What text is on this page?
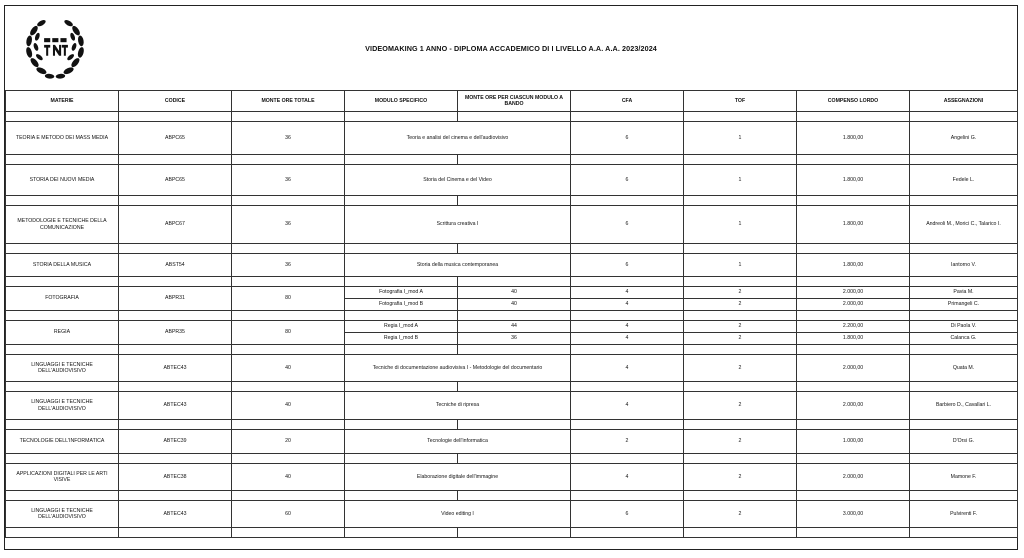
VIDEOMAKING 1 ANNO - DIPLOMA ACCADEMICO DI I LIVELLO A.A. A.A. 2023/2024
MATERIE	CODICE	MONTE ORE TOTALE	MODULO SPECIFICO	MONTE ORE PER CIASCUN MODULO A BANDO	CFA	TOF	COMPENSO LORDO	ASSEGNAZIONI

TEORIA E METODO DEI MASS MEDIA	ABPC65	36	Teoria e analisi del cinema e dell'audiovisivo		6	1	1.800,00	Angelini G.

STORIA DEI NUOVI MEDIA	ABPC65	36	Storia del Cinema e del Video		6	1	1.800,00	Fedele L.

METODOLOGIE E TECNICHE DELLA COMUNICAZIONE	ABPC67	36	Scrittura creativa I		6	1	1.800,00	Andreoli M., Morici C., Talarico I.

STORIA DELLA MUSICA	ABST54	36	Storia della musica contemporanea		6	1	1.800,00	Iantorno V.

FOTOGRAFIA	ABPR31	80	Fotografia I_mod A	40	4	2	2.000,00	Pavia M.
			Fotografia I_mod B	40	4	2	2.000,00	Primangeli C.

REGIA	ABPR35	80	Regia I_mod A	44	4	2	2.200,00	Di Paola V.
			Regia I_mod B	36	4	2	1.800,00	Calanca G.

LINGUAGGI E TECNICHE DELL'AUDIOVISIVO	ABTEC43	40	Tecniche di documentazione audiovisiva I - Metodologie del documentario		4	2	2.000,00	Quata M.

LINGUAGGI E TECNICHE DELL'AUDIOVISIVO	ABTEC43	40	Tecniche di ripresa		4	2	2.000,00	Barbiero D., Cavallari L.

TECNOLOGIE DELL'INFORMATICA	ABTEC39	20	Tecnologie dell'informatica		2	2	1.000,00	D'Orsi G.

APPLICAZIONI DIGITALI PER LE ARTI VISIVE	ABTEC38	40	Elaborazione digitale dell'immagine		4	2	2.000,00	Mamone F.

LINGUAGGI E TECNICHE DELL'AUDIOVISIVO	ABTEC43	60	Video editing I		6	2	3.000,00	Pulvirenti F.
